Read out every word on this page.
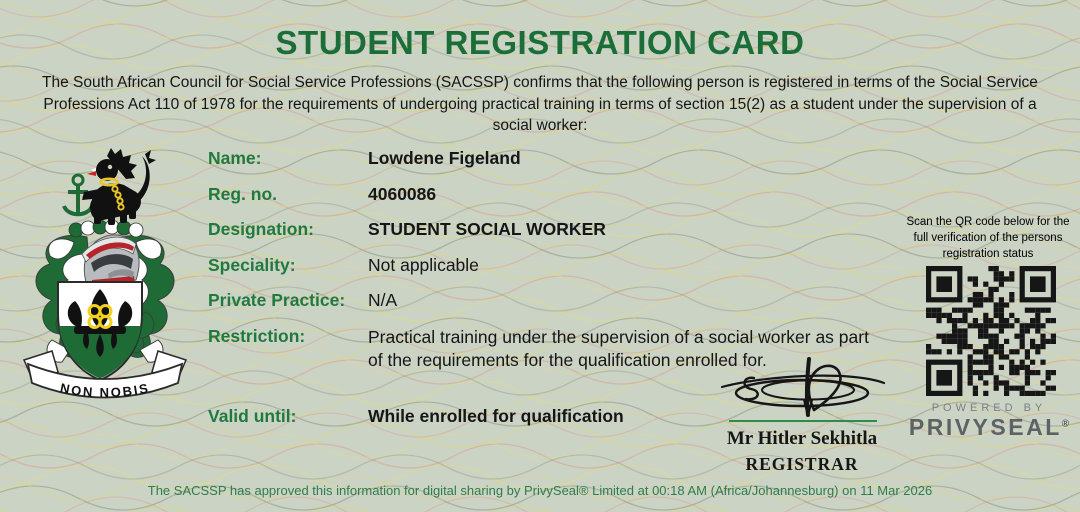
STUDENT REGISTRATION CARD
The South African Council for Social Service Professions (SACSSP) confirms that the following person is registered in terms of the Social Service Professions Act 110 of 1978 for the requirements of undergoing practical training in terms of section 15(2) as a student under the supervision of a social worker:
NON NOBIS
Name:	Lowdene Figeland
Reg. no.	4060086
Designation:	STUDENT SOCIAL WORKER
Speciality:	Not applicable
Private Practice: N/A
Restriction:	Practical training under the supervision of a social worker as part of the requirements for the qualification enrolled for.
Valid until:	While enrolled for qualification
Scan the QR code below for the full verification of the persons registration status
POWERED BY
PRIVYSEAL®
Mr Hitler Sekhitla
REGISTRAR
The SACSSP has approved this information for digital sharing by PrivySeal® Limited at 00:18 AM (Africa/Johannesburg) on 11 Mar 2026
